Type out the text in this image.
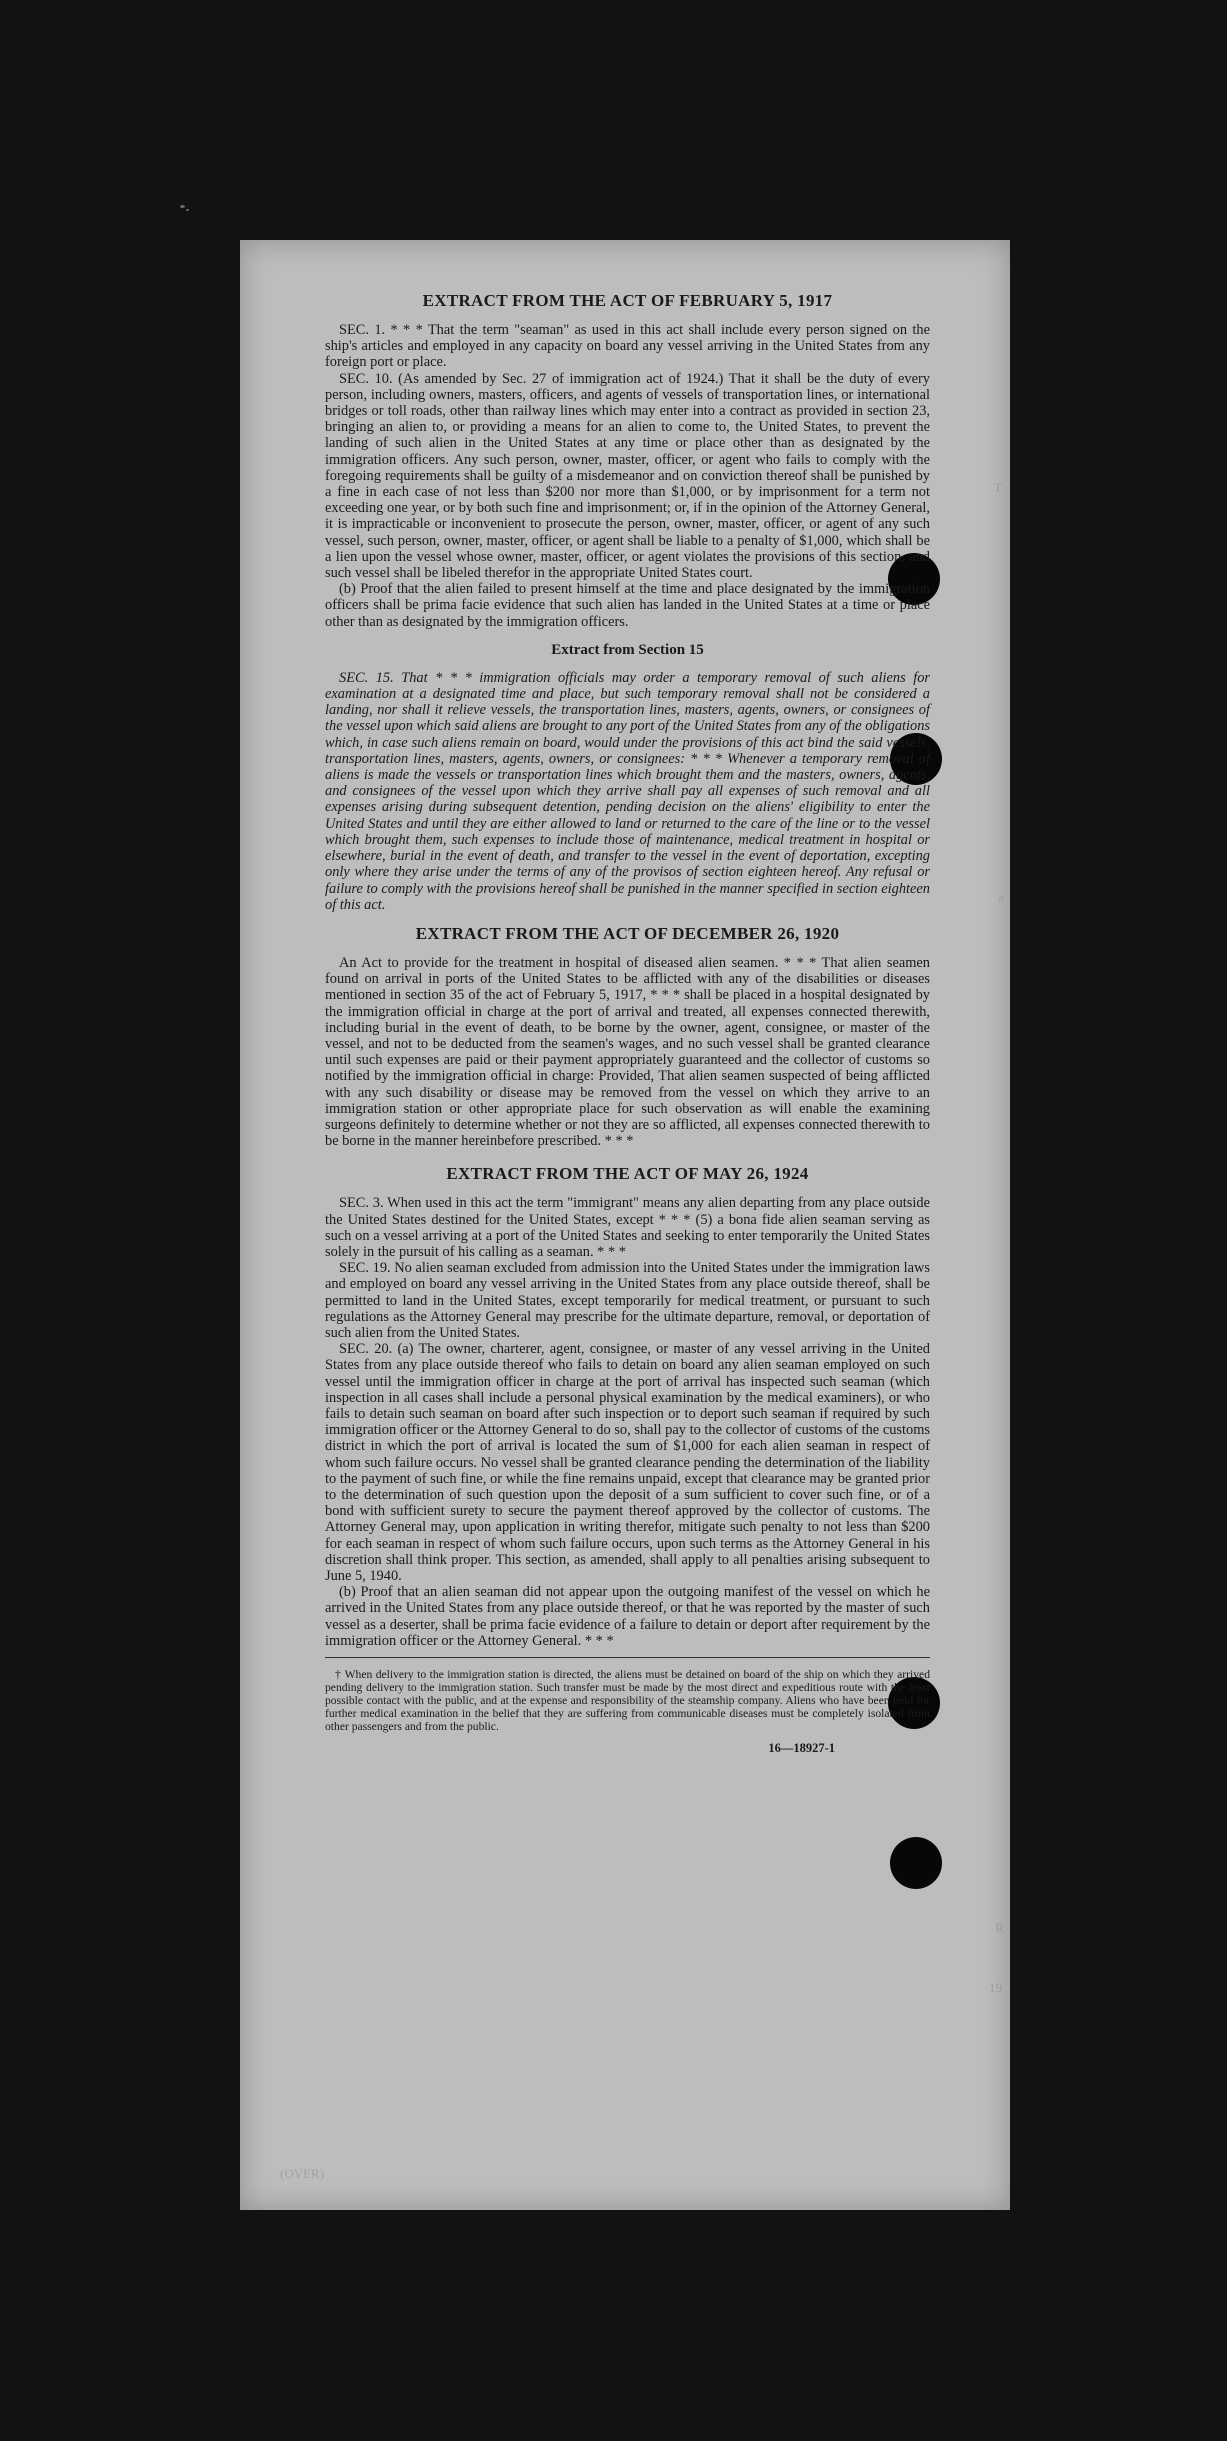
T
a
R
19
(OVER)
EXTRACT FROM THE ACT OF FEBRUARY 5, 1917

SEC. 1. * * * That the term "seaman" as used in this act shall include every person signed on the ship's articles and employed in any capacity on board any vessel arriving in the United States from any foreign port or place.

SEC. 10. (As amended by Sec. 27 of immigration act of 1924.) That it shall be the duty of every person, including owners, masters, officers, and agents of vessels of transportation lines, or international bridges or toll roads, other than railway lines which may enter into a contract as provided in section 23, bringing an alien to, or providing a means for an alien to come to, the United States, to prevent the landing of such alien in the United States at any time or place other than as designated by the immigration officers. Any such person, owner, master, officer, or agent who fails to comply with the foregoing requirements shall be guilty of a misdemeanor and on conviction thereof shall be punished by a fine in each case of not less than $200 nor more than $1,000, or by imprisonment for a term not exceeding one year, or by both such fine and imprisonment; or, if in the opinion of the Attorney General, it is impracticable or inconvenient to prosecute the person, owner, master, officer, or agent of any such vessel, such person, owner, master, officer, or agent shall be liable to a penalty of $1,000, which shall be a lien upon the vessel whose owner, master, officer, or agent violates the provisions of this section, and such vessel shall be libeled therefor in the appropriate United States court.

(b) Proof that the alien failed to present himself at the time and place designated by the immigration officers shall be prima facie evidence that such alien has landed in the United States at a time or place other than as designated by the immigration officers.

Extract from Section 15

SEC. 15. That * * * immigration officials may order a temporary removal of such aliens for examination at a designated time and place, but such temporary removal shall not be considered a landing, nor shall it relieve vessels, the transportation lines, masters, agents, owners, or consignees of the vessel upon which said aliens are brought to any port of the United States from any of the obligations which, in case such aliens remain on board, would under the provisions of this act bind the said vessels, transportation lines, masters, agents, owners, or consignees: * * * Whenever a temporary removal of aliens is made the vessels or transportation lines which brought them and the masters, owners, agents, and consignees of the vessel upon which they arrive shall pay all expenses of such removal and all expenses arising during subsequent detention, pending decision on the aliens' eligibility to enter the United States and until they are either allowed to land or returned to the care of the line or to the vessel which brought them, such expenses to include those of maintenance, medical treatment in hospital or elsewhere, burial in the event of death, and transfer to the vessel in the event of deportation, excepting only where they arise under the terms of any of the provisos of section eighteen hereof. Any refusal or failure to comply with the provisions hereof shall be punished in the manner specified in section eighteen of this act.

EXTRACT FROM THE ACT OF DECEMBER 26, 1920

An Act to provide for the treatment in hospital of diseased alien seamen. * * * That alien seamen found on arrival in ports of the United States to be afflicted with any of the disabilities or diseases mentioned in section 35 of the act of February 5, 1917, * * * shall be placed in a hospital designated by the immigration official in charge at the port of arrival and treated, all expenses connected therewith, including burial in the event of death, to be borne by the owner, agent, consignee, or master of the vessel, and not to be deducted from the seamen's wages, and no such vessel shall be granted clearance until such expenses are paid or their payment appropriately guaranteed and the collector of customs so notified by the immigration official in charge: Provided, That alien seamen suspected of being afflicted with any such disability or disease may be removed from the vessel on which they arrive to an immigration station or other appropriate place for such observation as will enable the examining surgeons definitely to determine whether or not they are so afflicted, all expenses connected therewith to be borne in the manner hereinbefore prescribed. * * *

EXTRACT FROM THE ACT OF MAY 26, 1924

SEC. 3. When used in this act the term "immigrant" means any alien departing from any place outside the United States destined for the United States, except * * * (5) a bona fide alien seaman serving as such on a vessel arriving at a port of the United States and seeking to enter temporarily the United States solely in the pursuit of his calling as a seaman. * * *

SEC. 19. No alien seaman excluded from admission into the United States under the immigration laws and employed on board any vessel arriving in the United States from any place outside thereof, shall be permitted to land in the United States, except temporarily for medical treatment, or pursuant to such regulations as the Attorney General may prescribe for the ultimate departure, removal, or deportation of such alien from the United States.

SEC. 20. (a) The owner, charterer, agent, consignee, or master of any vessel arriving in the United States from any place outside thereof who fails to detain on board any alien seaman employed on such vessel until the immigration officer in charge at the port of arrival has inspected such seaman (which inspection in all cases shall include a personal physical examination by the medical examiners), or who fails to detain such seaman on board after such inspection or to deport such seaman if required by such immigration officer or the Attorney General to do so, shall pay to the collector of customs of the customs district in which the port of arrival is located the sum of $1,000 for each alien seaman in respect of whom such failure occurs. No vessel shall be granted clearance pending the determination of the liability to the payment of such fine, or while the fine remains unpaid, except that clearance may be granted prior to the determination of such question upon the deposit of a sum sufficient to cover such fine, or of a bond with sufficient surety to secure the payment thereof approved by the collector of customs. The Attorney General may, upon application in writing therefor, mitigate such penalty to not less than $200 for each seaman in respect of whom such failure occurs, upon such terms as the Attorney General in his discretion shall think proper. This section, as amended, shall apply to all penalties arising subsequent to June 5, 1940.

(b) Proof that an alien seaman did not appear upon the outgoing manifest of the vessel on which he arrived in the United States from any place outside thereof, or that he was reported by the master of such vessel as a deserter, shall be prima facie evidence of a failure to detain or deport after requirement by the immigration officer or the Attorney General. * * *

† When delivery to the immigration station is directed, the aliens must be detained on board of the ship on which they arrived pending delivery to the immigration station. Such transfer must be made by the most direct and expeditious route with the least possible contact with the public, and at the expense and responsibility of the steamship company. Aliens who have been held for further medical examination in the belief that they are suffering from communicable diseases must be completely isolated from other passengers and from the public.

16—18927-1
